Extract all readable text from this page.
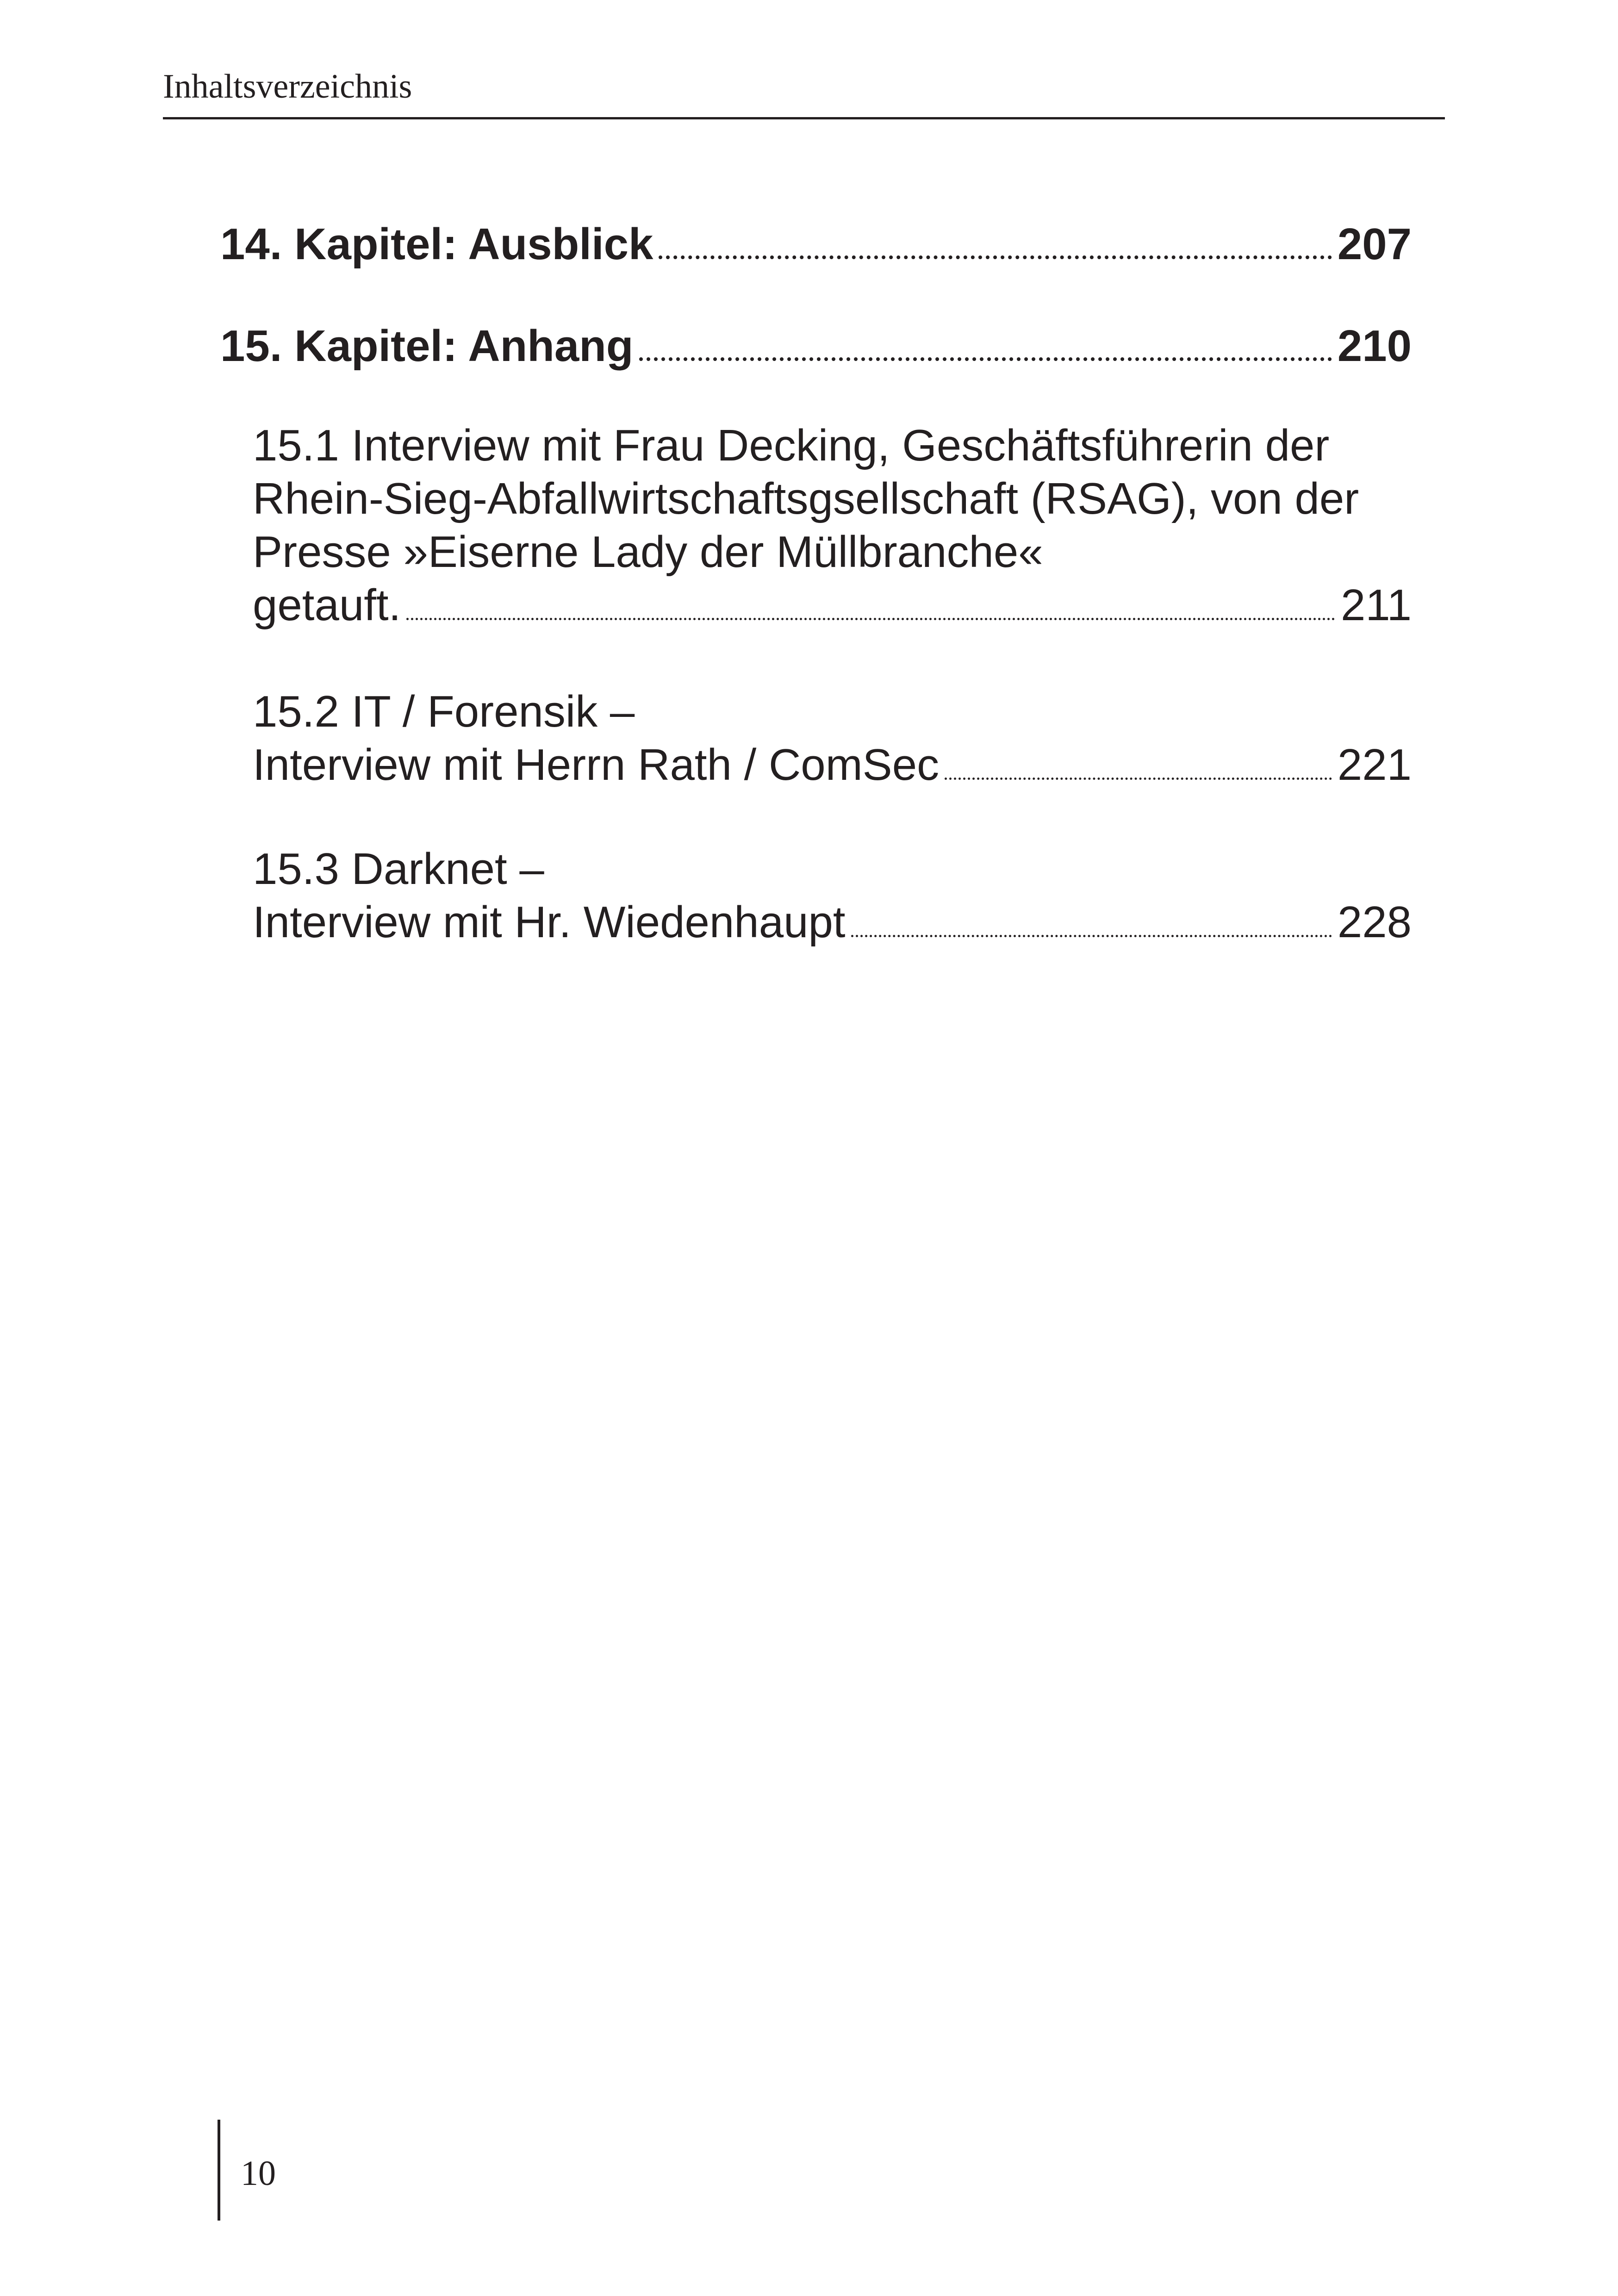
Inhaltsverzeichnis
14. Kapitel: Ausblick	207
15. Kapitel: Anhang	210
15.1 Interview mit Frau Decking, Geschäftsführerin der
Rhein-Sieg-Abfallwirtschaftsgsellschaft (RSAG), von der
Presse »Eiserne Lady der Müllbranche«
getauft.	211
15.2 IT / Forensik –
Interview mit Herrn Rath / ComSec	221
15.3 Darknet –
Interview mit Hr. Wiedenhaupt	228
10
